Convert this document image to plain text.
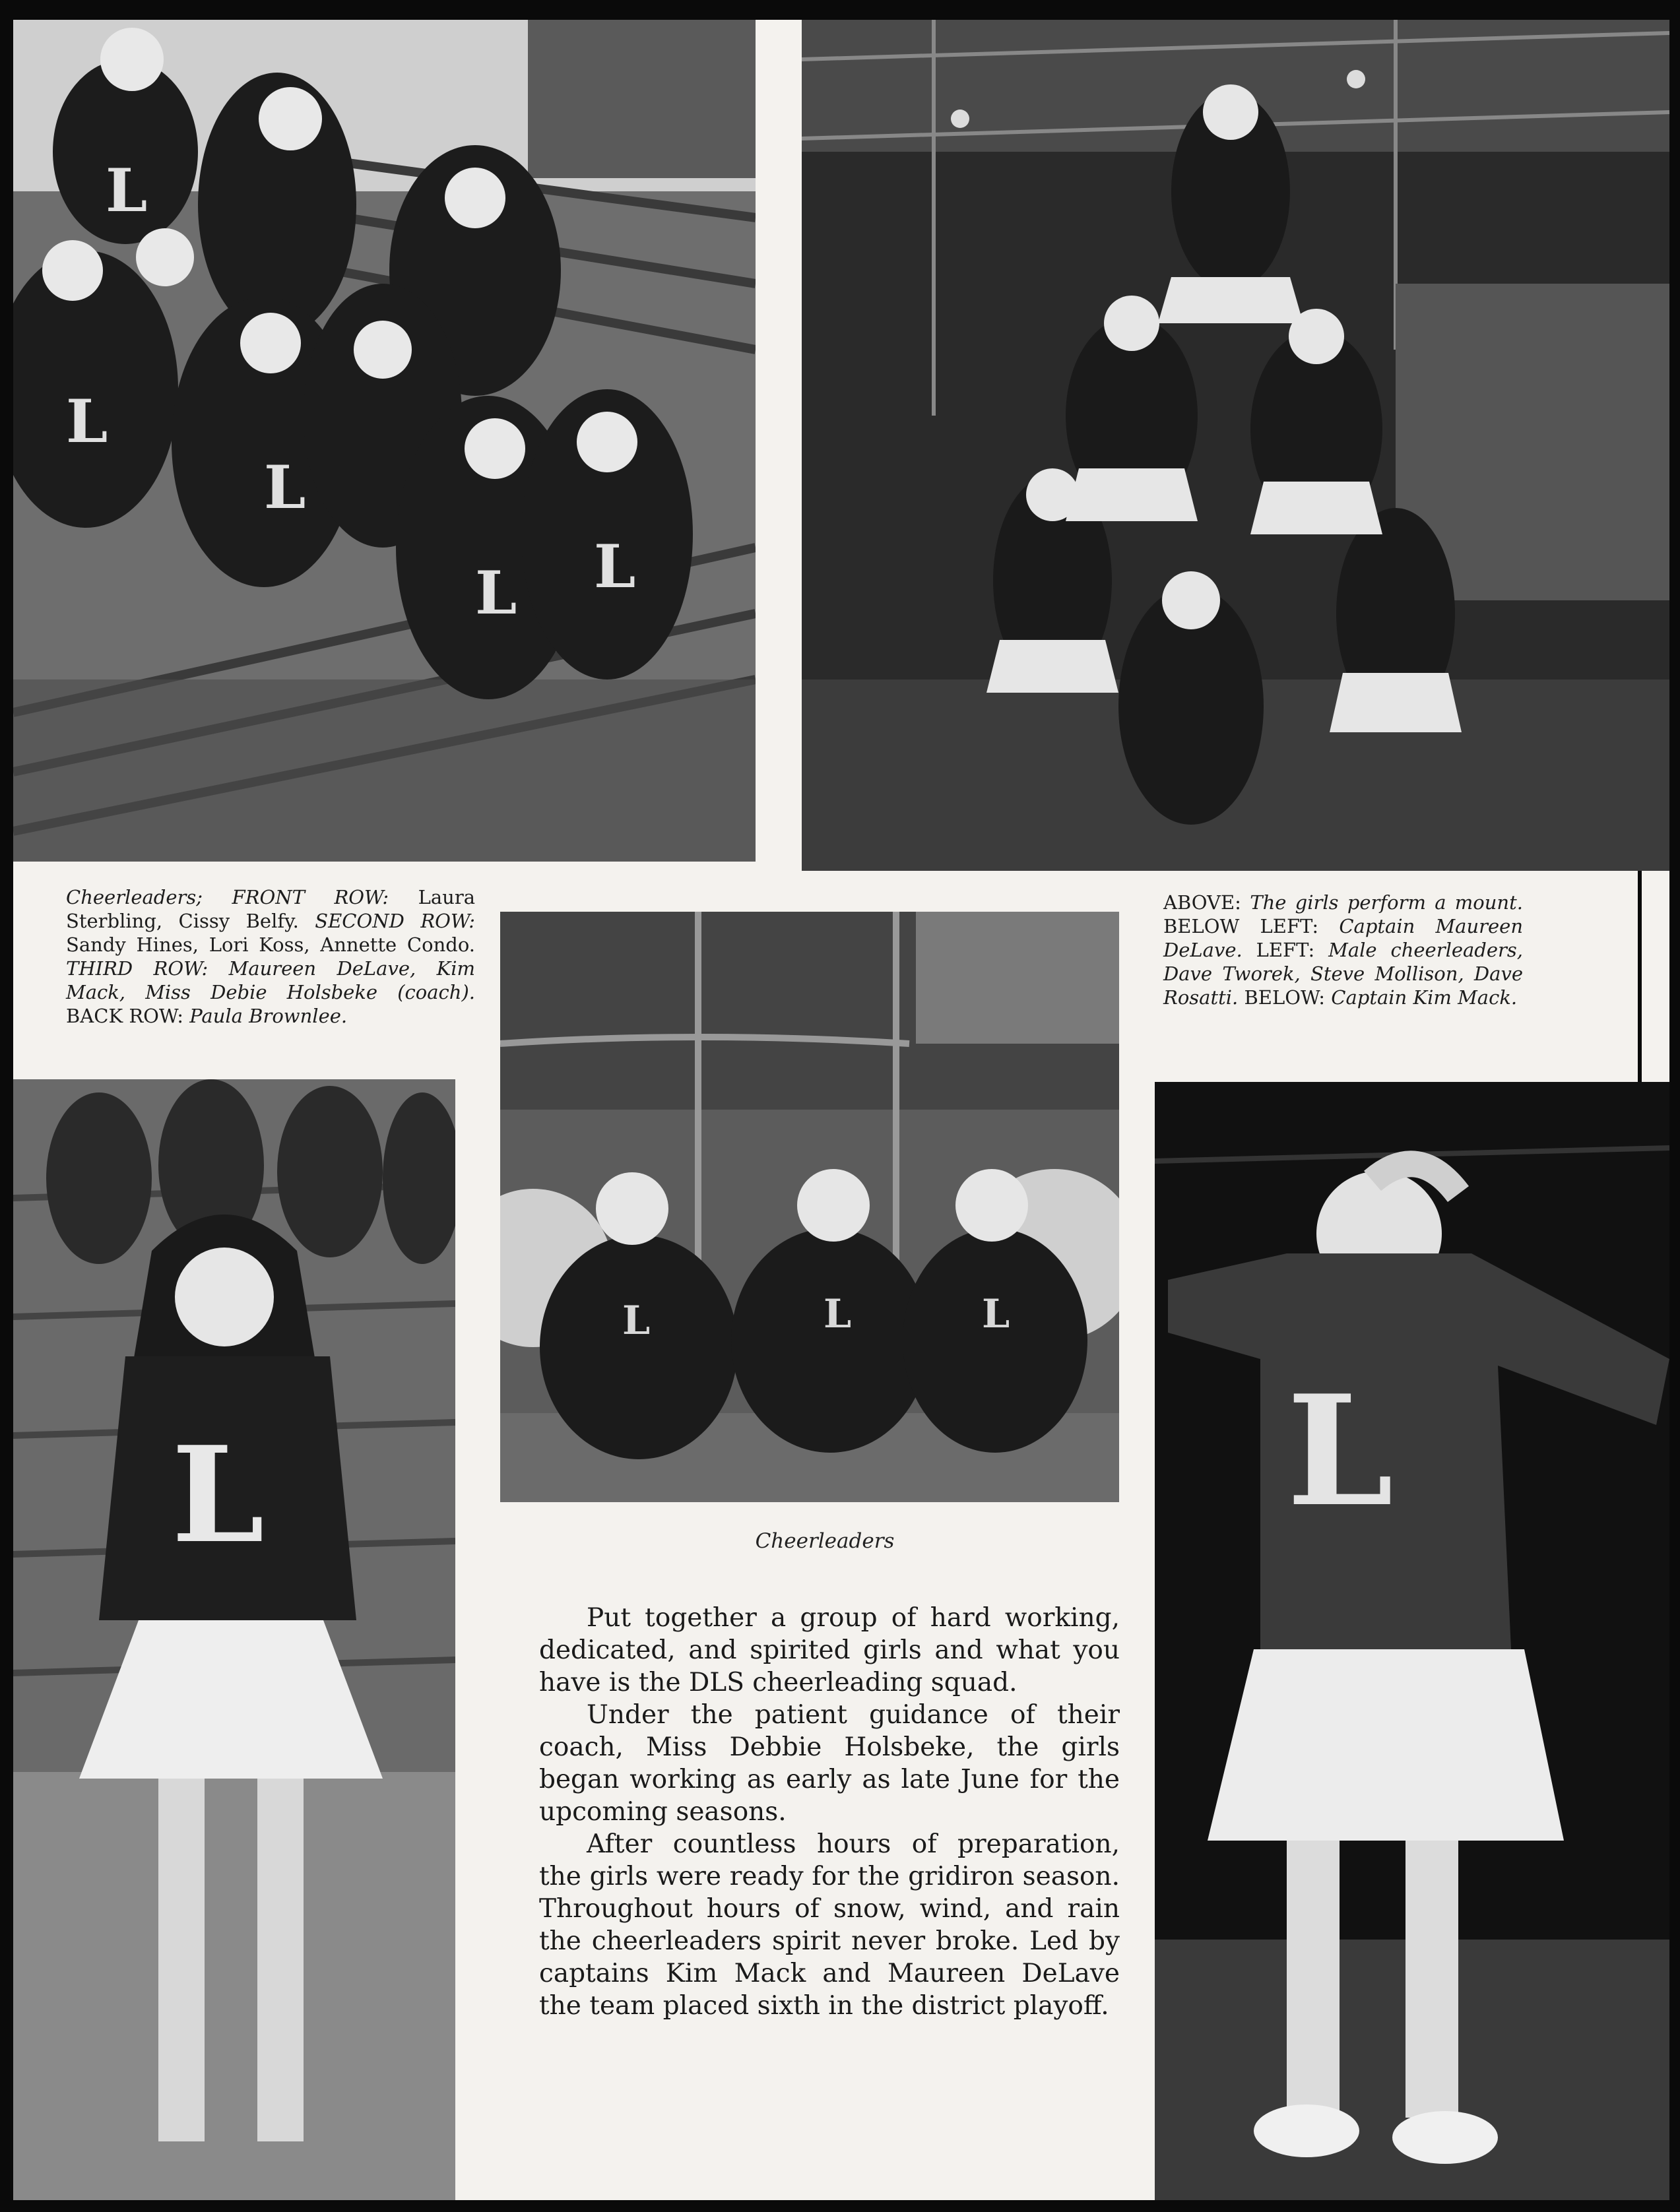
L
L
L
L L
Cheerleaders; FRONT ROW: Laura Sterbling, Cissy Belfy. SECOND ROW: Sandy Hines, Lori Koss, Annette Condo. THIRD ROW: Maureen DeLave, Kim Mack, Miss Debie Holsbeke (coach). BACK ROW: Paula Brownlee.
ABOVE: The girls perform a mount. BELOW LEFT: Captain Maureen DeLave. LEFT: Male cheerleaders, Dave Tworek, Steve Mollison, Dave Rosatti. BELOW: Captain Kim Mack.
L	L	L
Cheerleaders

Put together a group of hard working, dedicated, and spirited girls and what you have is the DLS cheerleading squad.

Under the patient guidance of their coach, Miss Debbie Holsbeke, the girls began working as early as late June for the upcoming seasons.

After countless hours of preparation, the girls were ready for the gridiron season. Throughout hours of snow, wind, and rain the cheerleaders spirit never broke. Led by captains Kim Mack and Maureen DeLave the team placed sixth in the district playoff.

L	L
